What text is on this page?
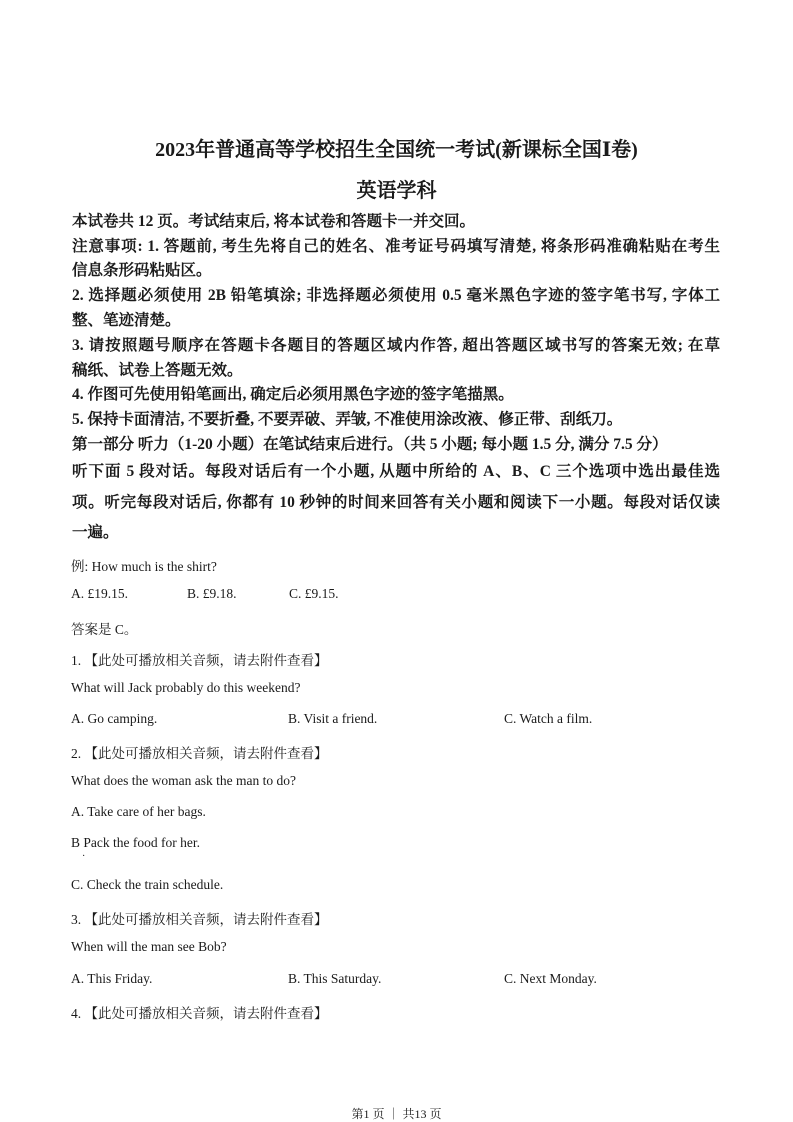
2023年普通高等学校招生全国统一考试(新课标全国Ⅰ卷)

英语学科

本试卷共 12 页。考试结束后, 将本试卷和答题卡一并交回。

注意事项: 1. 答题前, 考生先将自己的姓名、准考证号码填写清楚, 将条形码准确粘贴在考生

信息条形码粘贴区。

2. 选择题必须使用 2B 铅笔填涂; 非选择题必须使用 0.5 毫米黑色字迹的签字笔书写, 字体工

整、笔迹清楚。

3. 请按照题号顺序在答题卡各题目的答题区域内作答, 超出答题区域书写的答案无效; 在草

稿纸、试卷上答题无效。

4. 作图可先使用铅笔画出, 确定后必须用黑色字迹的签字笔描黑。

5. 保持卡面清洁, 不要折叠, 不要弄破、弄皱, 不准使用涂改液、修正带、刮纸刀。

第一部分 听力（1-20 小题）在笔试结束后进行。（共 5 小题; 每小题 1.5 分, 满分 7.5 分）

听下面 5 段对话。每段对话后有一个小题, 从题中所给的 A、B、C 三个选项中选出最佳选

项。听完每段对话后, 你都有 10 秒钟的时间来回答有关小题和阅读下一小题。每段对话仅读

一遍。

例: How much is the shirt?

A. £19.15.	B. £9.18.	C. £9.15.

答案是 C。

1. 【此处可播放相关音频，请去附件查看】

What will Jack probably do this weekend?

A. Go camping.	B. Visit a friend.	C. Watch a film.

2. 【此处可播放相关音频，请去附件查看】

What does the woman ask the man to do?

A. Take care of her bags.

B Pack the food for her.

·

C. Check the train schedule.

3. 【此处可播放相关音频，请去附件查看】

When will the man see Bob?

A. This Friday.	B. This Saturday.	C. Next Monday.

4. 【此处可播放相关音频，请去附件查看】

第1 页 ｜ 共13 页
